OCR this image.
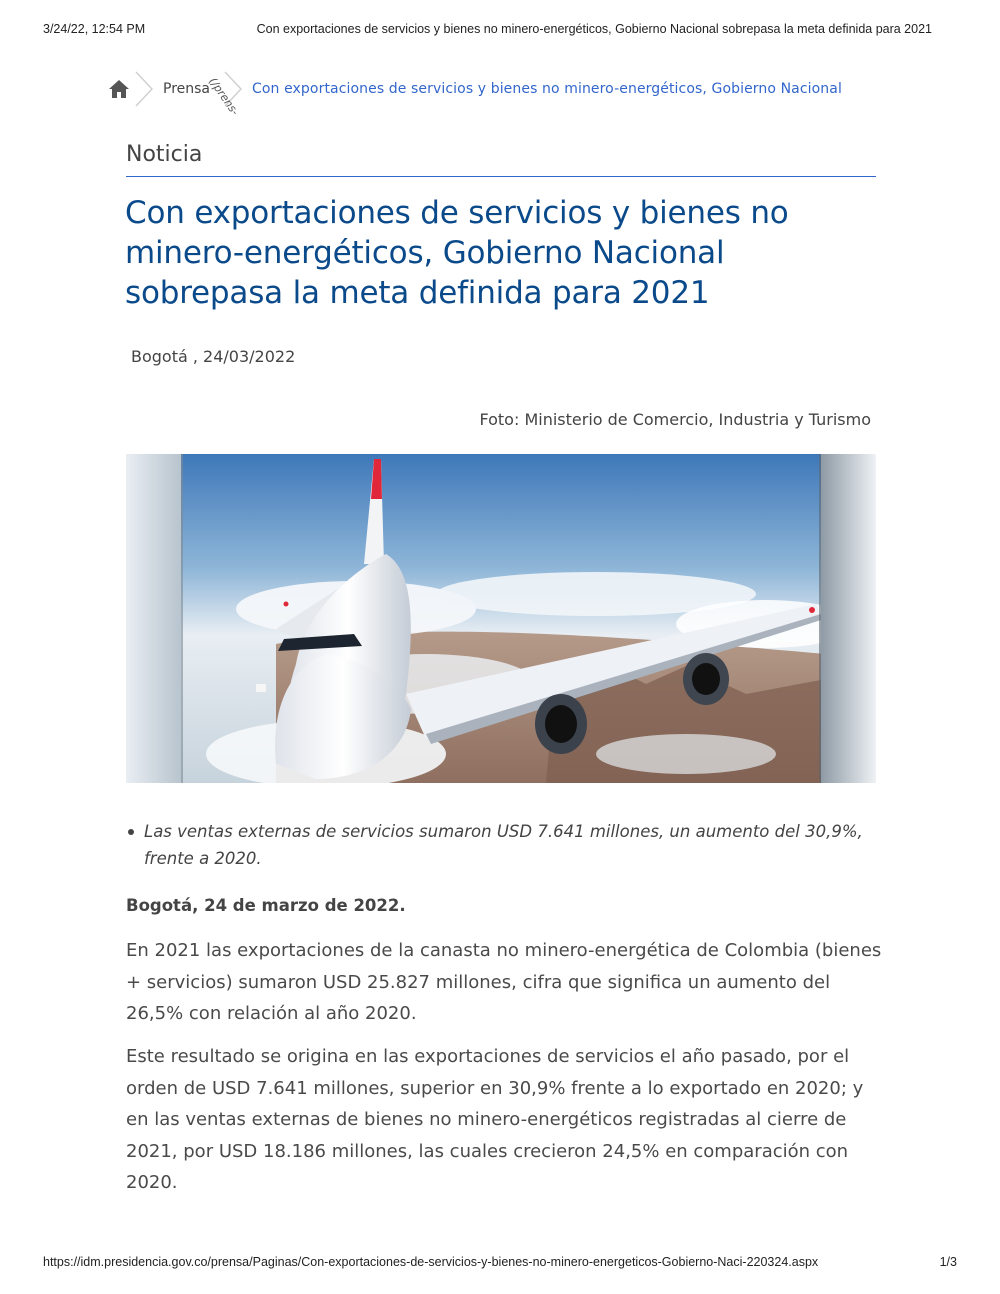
3/24/22, 12:54 PM	Con exportaciones de servicios y bienes no minero-energéticos, Gobierno Nacional sobrepasa la meta definida para 2021
Prensa
(/prens- Con exportaciones de servicios y bienes no minero-energéticos, Gobierno Nacional
Noticia
Con exportaciones de servicios y bienes no minero-energéticos, Gobierno Nacional sobrepasa la meta definida para 2021
Bogotá , 24/03/2022
Foto: Ministerio de Comercio, Industria y Turismo
Las ventas externas de servicios sumaron USD 7.641 millones, un aumento del 30,9%, frente a 2020.

Bogotá, 24 de marzo de 2022.

En 2021 las exportaciones de la canasta no minero-energética de Colombia (bienes + servicios) sumaron USD 25.827 millones, cifra que significa un aumento del 26,5% con relación al año 2020.

Este resultado se origina en las exportaciones de servicios el año pasado, por el orden de USD 7.641 millones, superior en 30,9% frente a lo exportado en 2020; y en las ventas externas de bienes no minero-energéticos registradas al cierre de 2021, por USD 18.186 millones, las cuales crecieron 24,5% en comparación con 2020.

https://idm.presidencia.gov.co/prensa/Paginas/Con-exportaciones-de-servicios-y-bienes-no-minero-energeticos-Gobierno-Naci-220324.aspx	1/3
